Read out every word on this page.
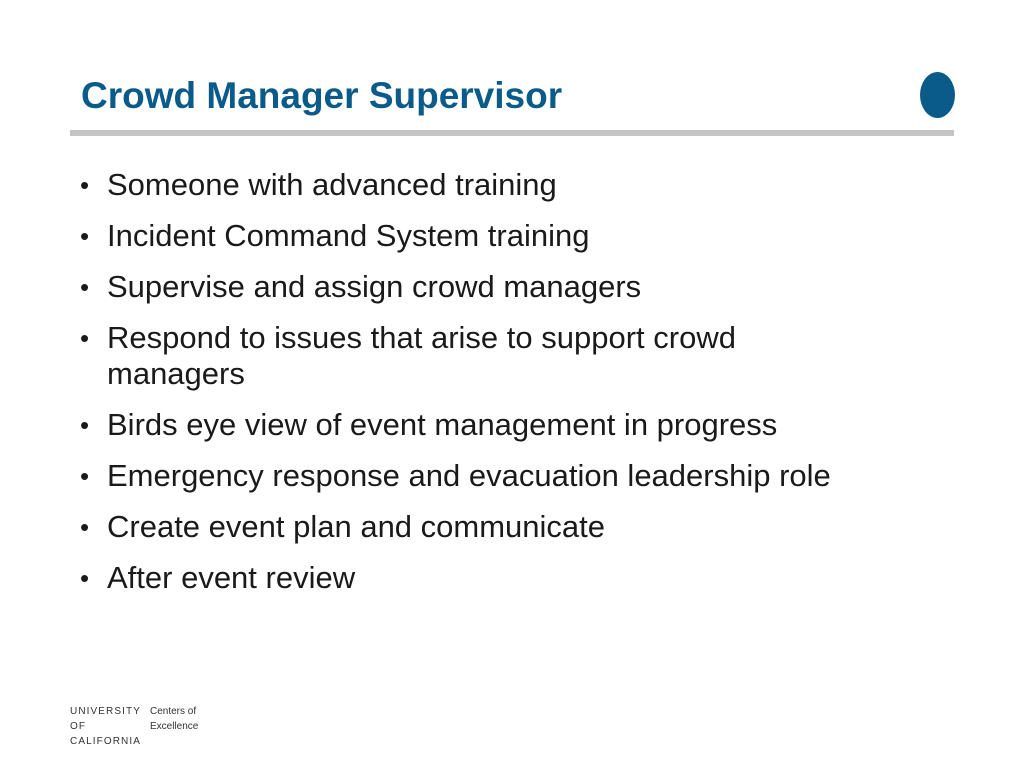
Crowd Manager Supervisor
• Someone with advanced training
• Incident Command System training
• Supervise and assign crowd managers
• Respond to issues that arise to support crowd managers
• Birds eye view of event management in progress
• Emergency response and evacuation leadership role
• Create event plan and communicate
• After event review
UNIVERSITY
OF
CALIFORNIA
Centers of
Excellence
